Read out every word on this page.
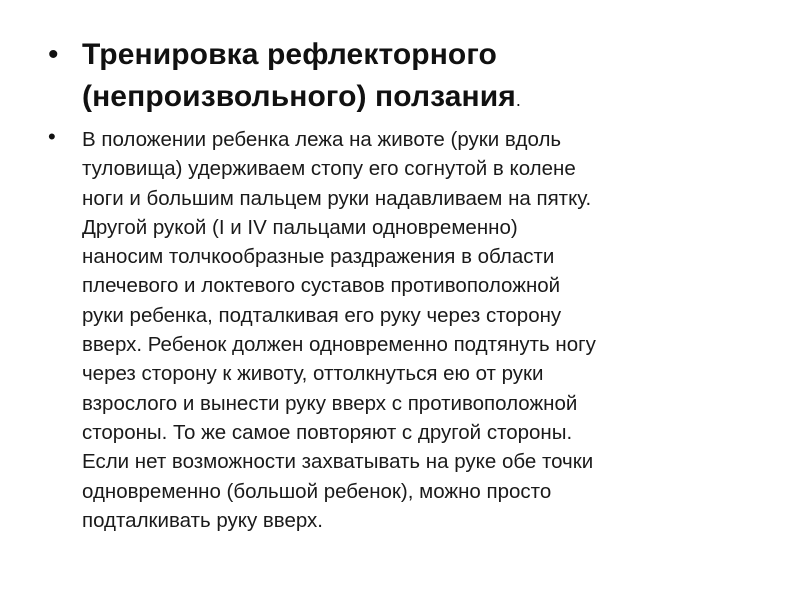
• Тренировка рефлекторного
(непроизвольного) ползания.
• В положении ребенка лежа на животе (руки вдоль
туловища) удерживаем стопу его согнутой в колене
ноги и большим пальцем руки надавливаем на пятку.
Другой рукой (I и IV пальцами одновременно)
наносим толчкообразные раздражения в области
плечевого и локтевого суставов противоположной
руки ребенка, подталкивая его руку через сторону
вверх. Ребенок должен одновременно подтянуть ногу
через сторону к животу, оттолкнуться ею от руки
взрослого и вынести руку вверх с противоположной
стороны. То же самое повторяют с другой стороны.
Если нет возможности захватывать на руке обе точки
одновременно (большой ребенок), можно просто
подталкивать руку вверх.
